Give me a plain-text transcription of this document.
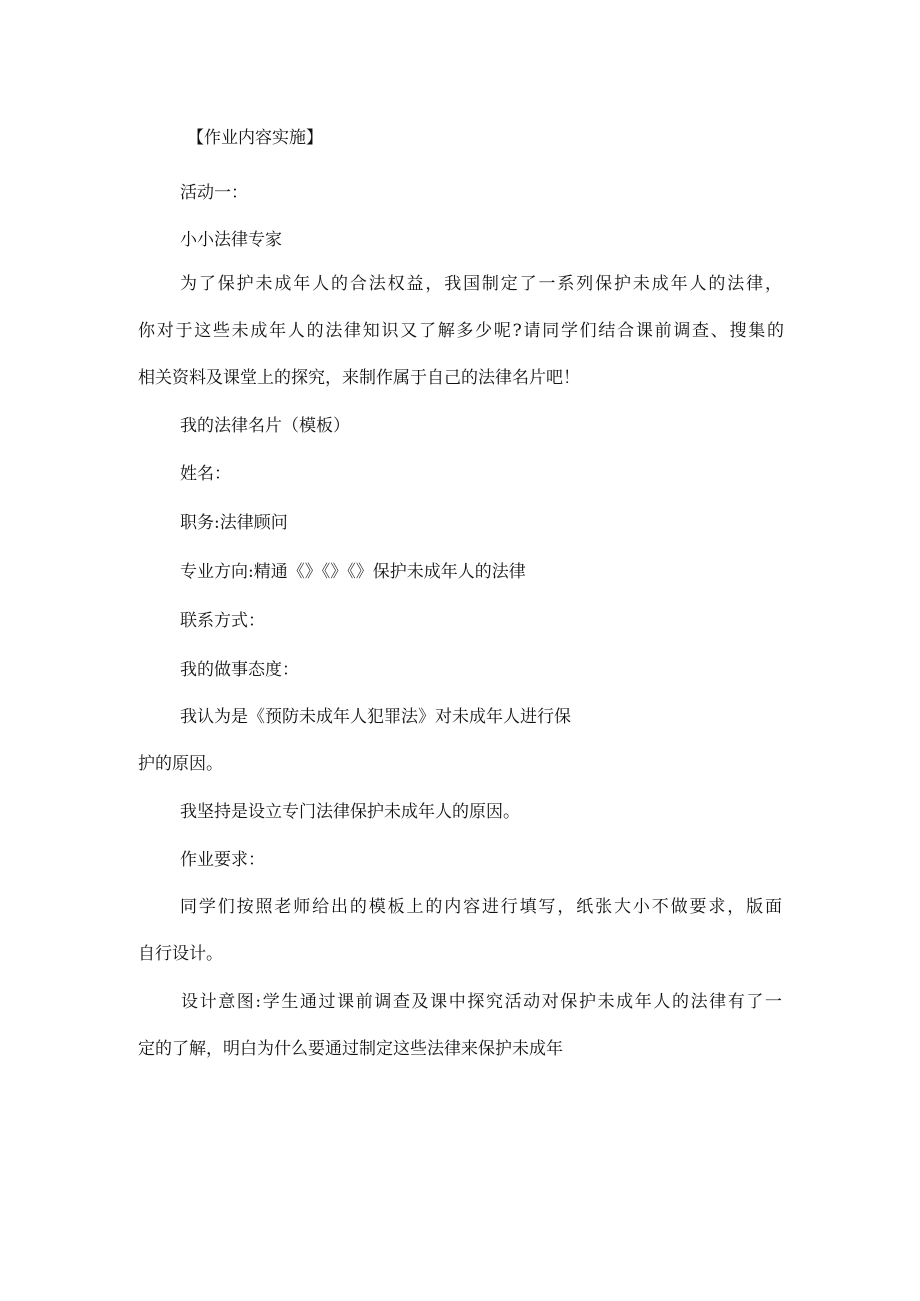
【作业内容实施】

活动一：

小小法律专家

为了保护未成年人的合法权益，我国制定了一系列保护未成年人的法律，

你对于这些未成年人的法律知识又了解多少呢?请同学们结合课前调查、搜集的

相关资料及课堂上的探究，来制作属于自己的法律名片吧！

我的法律名片（模板）

姓名：

职务:法律顾问

专业方向:精通《》《》《》保护未成年人的法律

联系方式：

我的做事态度：

我认为是《预防未成年人犯罪法》对未成年人进行保

护的原因。

我坚持是设立专门法律保护未成年人的原因。

作业要求：

同学们按照老师给出的模板上的内容进行填写，纸张大小不做要求，版面

自行设计。

设计意图:学生通过课前调查及课中探究活动对保护未成年人的法律有了一

定的了解，明白为什么要通过制定这些法律来保护未成年
